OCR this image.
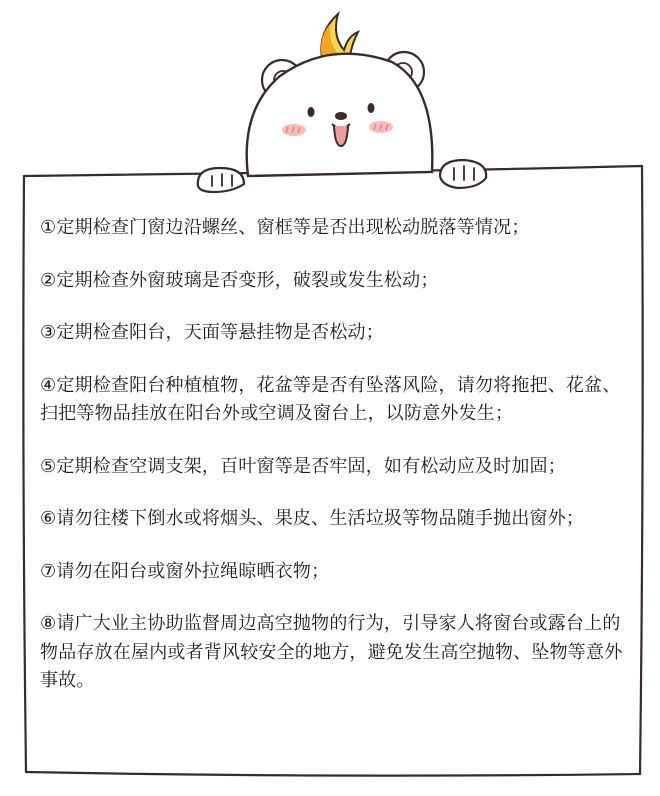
①定期检查门窗边沿螺丝、窗框等是否出现松动脱落等情况；

②定期检查外窗玻璃是否变形，破裂或发生松动；

③定期检查阳台，天面等悬挂物是否松动；

④定期检查阳台种植植物，花盆等是否有坠落风险，请勿将拖把、花盆、扫把等物品挂放在阳台外或空调及窗台上，以防意外发生；

⑤定期检查空调支架，百叶窗等是否牢固，如有松动应及时加固；

⑥请勿往楼下倒水或将烟头、果皮、生活垃圾等物品随手抛出窗外；

⑦请勿在阳台或窗外拉绳晾晒衣物；

⑧请广大业主协助监督周边高空抛物的行为，引导家人将窗台或露台上的物品存放在屋内或者背风较安全的地方，避免发生高空抛物、坠物等意外事故。
